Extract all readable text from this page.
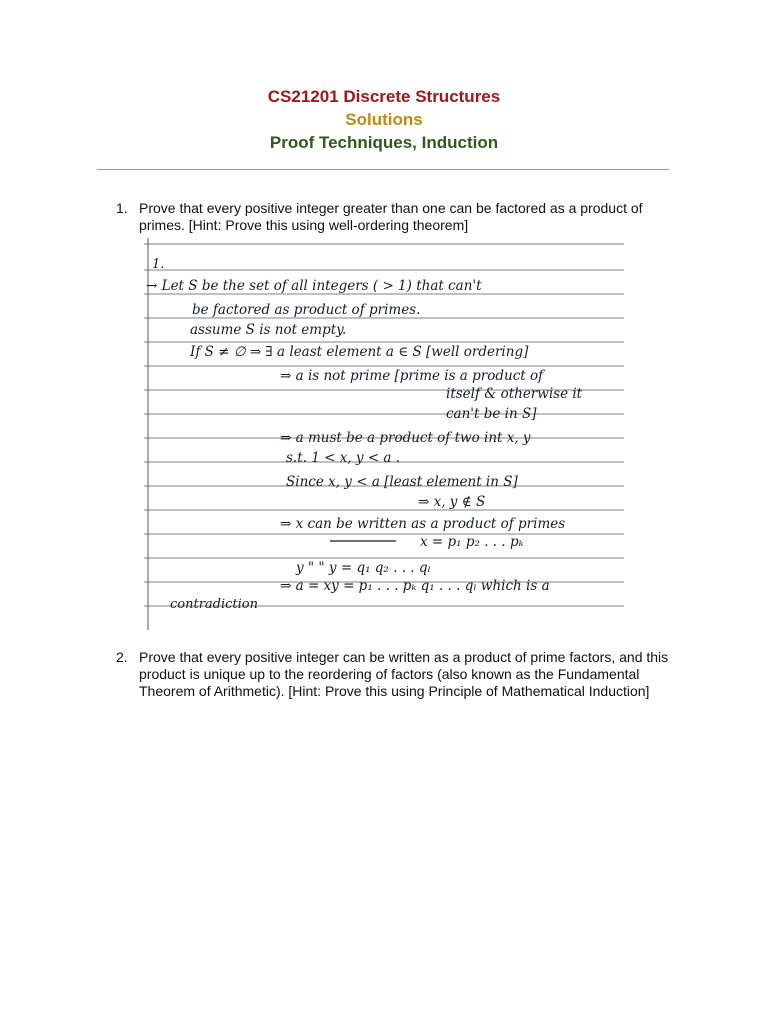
CS21201 Discrete Structures
Solutions
Proof Techniques, Induction
1. Prove that every positive integer greater than one can be factored as a product of primes. [Hint: Prove this using well-ordering theorem]
1.
→ Let S be the set of all integers ( > 1) that can't
be factored as product of primes.
assume S is not empty.
If S ≠ ∅ ⇒ ∃ a least element a ∈ S [well ordering]
⇒ a is not prime [prime is a product of
itself & otherwise it
can't be in S]
⇒ a must be a product of two int x, y
s.t. 1 < x, y < a .
Since x, y < a [least element in S]
⇒ x, y ∉ S
⇒ x can be written as a product of primes
x = p₁ p₂ . . . pₖ
y " " y = q₁ q₂ . . . qₗ
⇒ a = xy = p₁ . . . pₖ q₁ . . . qₗ which is a
contradiction
2. Prove that every positive integer can be written as a product of prime factors, and this product is unique up to the reordering of factors (also known as the Fundamental Theorem of Arithmetic). [Hint: Prove this using Principle of Mathematical Induction]
